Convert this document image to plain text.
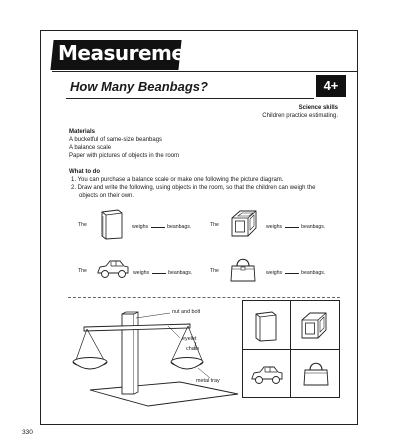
Measurement
How Many Beanbags?	4+
Science skills
Children practice estimating.
Materials
A bucketful of same-size beanbags
A balance scale
Paper with pictures of objects in the room
What to do
1. You can purchase a balance scale or make one following the picture diagram.
2. Draw and write the following, using objects in the room, so that the children can weigh the
objects on their own.
The	weighs	beanbags.	The	weighs	beanbags.
The	weighs	beanbags.	The	weighs	beanbags.
nut and bolt
eyelet
chain
metal tray
330
